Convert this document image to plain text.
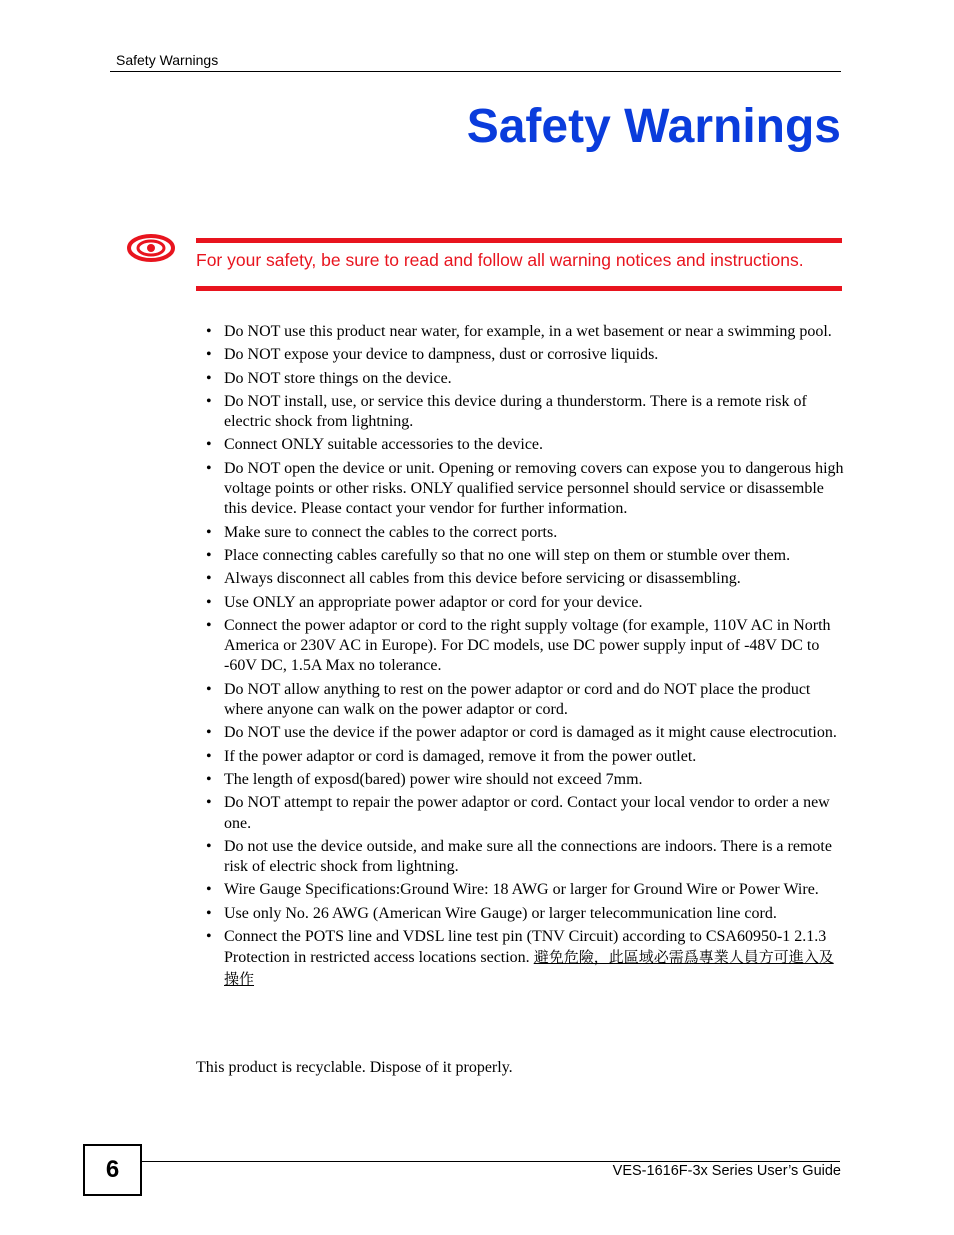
Safety Warnings
Safety Warnings
For your safety, be sure to read and follow all warning notices and instructions.
• Do NOT use this product near water, for example, in a wet basement or near a swimming pool.
• Do NOT expose your device to dampness, dust or corrosive liquids.
• Do NOT store things on the device.
• Do NOT install, use, or service this device during a thunderstorm. There is a remote risk of electric shock from lightning.
• Connect ONLY suitable accessories to the device.
• Do NOT open the device or unit. Opening or removing covers can expose you to dangerous high voltage points or other risks. ONLY qualified service personnel should service or disassemble this device. Please contact your vendor for further information.
• Make sure to connect the cables to the correct ports.
• Place connecting cables carefully so that no one will step on them or stumble over them.
• Always disconnect all cables from this device before servicing or disassembling.
• Use ONLY an appropriate power adaptor or cord for your device.
• Connect the power adaptor or cord to the right supply voltage (for example, 110V AC in North America or 230V AC in Europe). For DC models, use DC power supply input of -48V DC to -60V DC, 1.5A Max no tolerance.
• Do NOT allow anything to rest on the power adaptor or cord and do NOT place the product where anyone can walk on the power adaptor or cord.
• Do NOT use the device if the power adaptor or cord is damaged as it might cause electrocution.
• If the power adaptor or cord is damaged, remove it from the power outlet.
• The length of exposd(bared) power wire should not exceed 7mm.
• Do NOT attempt to repair the power adaptor or cord. Contact your local vendor to order a new one.
• Do not use the device outside, and make sure all the connections are indoors. There is a remote risk of electric shock from lightning.
• Wire Gauge Specifications:Ground Wire: 18 AWG or larger for Ground Wire or Power Wire.
• Use only No. 26 AWG (American Wire Gauge) or larger telecommunication line cord.
• Connect the POTS line and VDSL line test pin (TNV Circuit) according to CSA60950-1 2.1.3 Protection in restricted access locations section. 避免危險，此區域必需爲專業人員方可進入及操作
This product is recyclable. Dispose of it properly.
6	VES-1616F-3x Series User’s Guide
